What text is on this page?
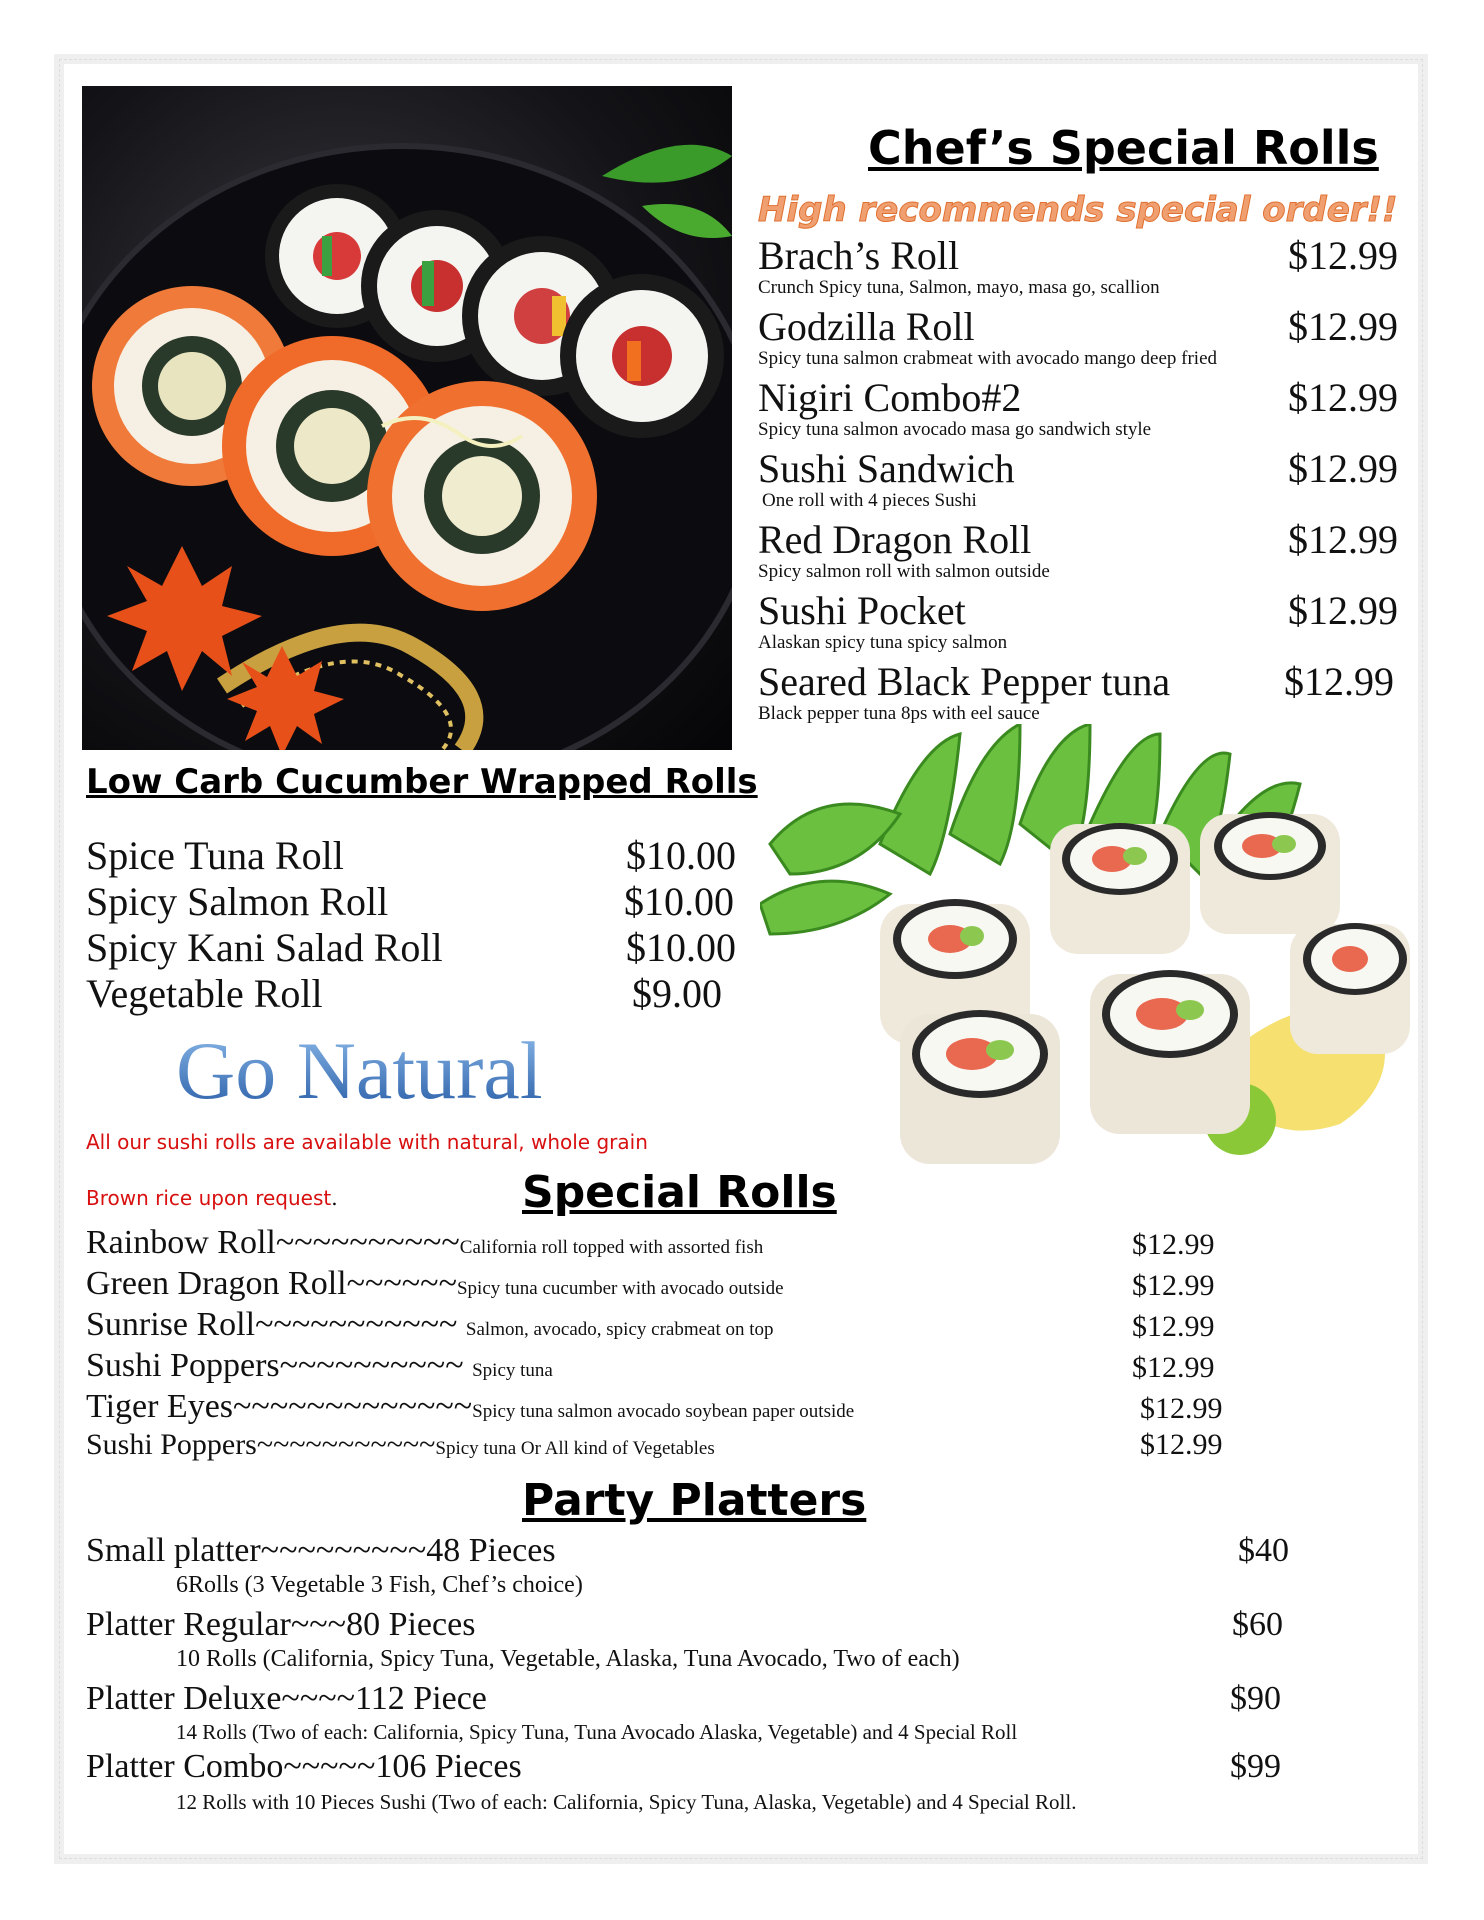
Chef’s Special Rolls
High recommends special order!!
Brach’s Roll	$12.99
Crunch Spicy tuna, Salmon, mayo, masa go, scallion
Godzilla Roll	$12.99
Spicy tuna salmon crabmeat with avocado mango deep fried
Nigiri Combo#2	$12.99
Spicy tuna salmon avocado masa go sandwich style
Sushi Sandwich	$12.99
One roll with 4 pieces Sushi
Red Dragon Roll	$12.99
Spicy salmon roll with salmon outside
Sushi Pocket	$12.99
Alaskan spicy tuna spicy salmon
Seared Black Pepper tuna	$12.99
Black pepper tuna 8ps with eel sauce
Low Carb Cucumber Wrapped Rolls
Spice Tuna Roll	$10.00
Spicy Salmon Roll	$10.00
Spicy Kani Salad Roll	$10.00
Vegetable Roll	$9.00
Go Natural
All our sushi rolls are available with natural, whole grain
Brown rice upon request.	Special Rolls
Rainbow Roll~~~~~~~~~~California roll topped with assorted fish	$12.99
Green Dragon Roll~~~~~~Spicy tuna cucumber with avocado outside	$12.99
Sunrise Roll~~~~~~~~~~~ Salmon, avocado, spicy crabmeat on top	$12.99
Sushi Poppers~~~~~~~~~~ Spicy tuna	$12.99
Tiger Eyes~~~~~~~~~~~~~Spicy tuna salmon avocado soybean paper outside	$12.99
Sushi Poppers~~~~~~~~~~~Spicy tuna Or All kind of Vegetables	$12.99
Party Platters
Small platter~~~~~~~~~48 Pieces	$40
6Rolls (3 Vegetable 3 Fish, Chef’s choice)
Platter Regular~~~80 Pieces	$60
10 Rolls (California, Spicy Tuna, Vegetable, Alaska, Tuna Avocado, Two of each)
Platter Deluxe~~~~112 Piece	$90
14 Rolls (Two of each: California, Spicy Tuna, Tuna Avocado Alaska, Vegetable) and 4 Special Roll
Platter Combo~~~~~106 Pieces	$99
12 Rolls with 10 Pieces Sushi (Two of each: California, Spicy Tuna, Alaska, Vegetable) and 4 Special Roll.
